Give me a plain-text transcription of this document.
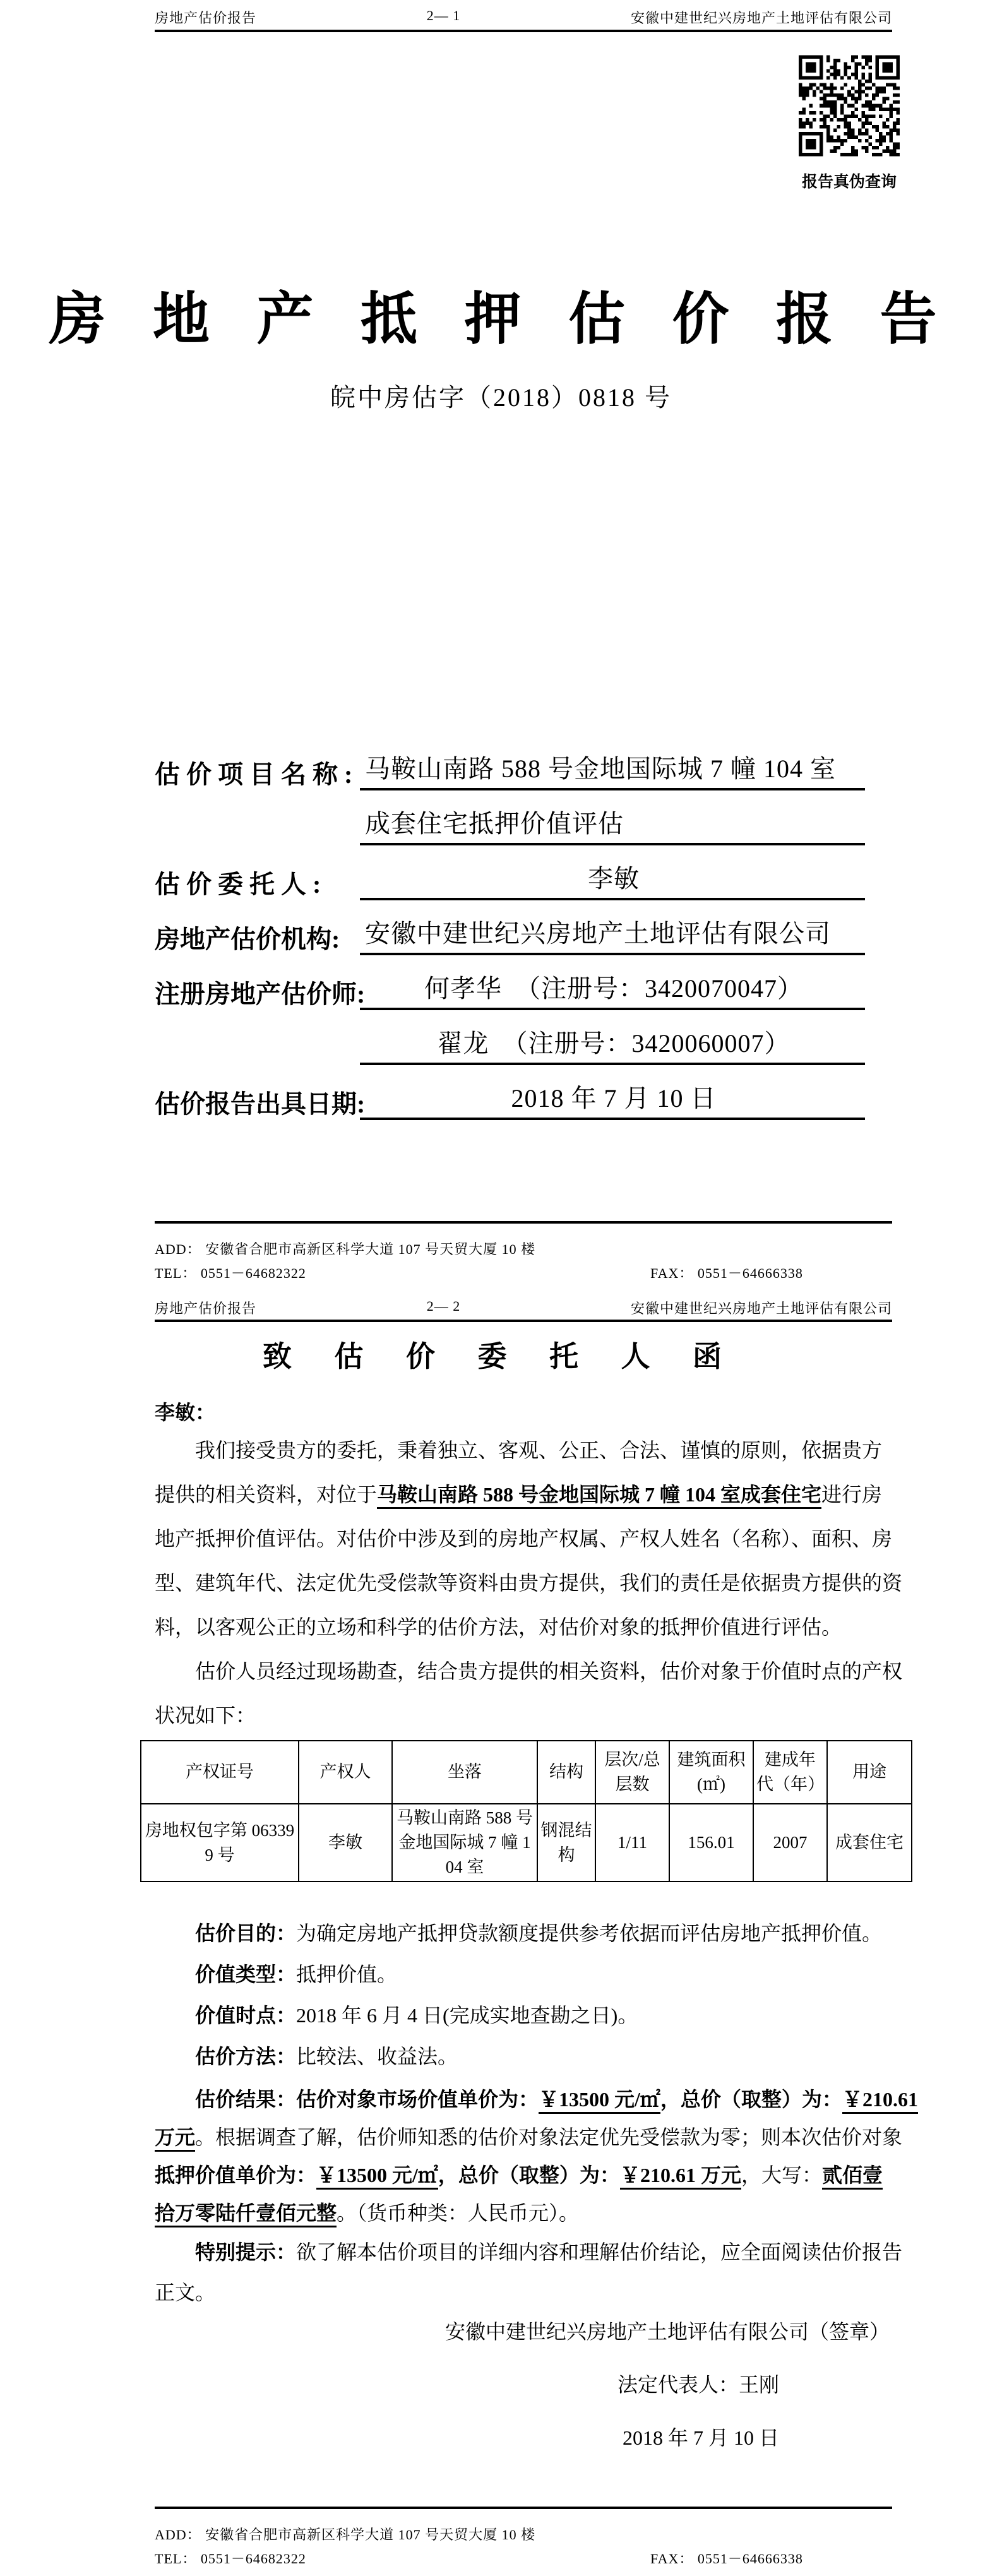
房地产估价报告	2— 1	安徽中建世纪兴房地产土地评估有限公司
报告真伪查询
房 地 产 抵 押 估 价 报 告
皖中房估字（2018）0818 号
估 价 项 目 名 称 : 马鞍山南路 588 号金地国际城 7 幢 104 室
成套住宅抵押价值评估
估 价 委 托 人 :	李敏
房地产估价机构: 安徽中建世纪兴房地产土地评估有限公司
注册房地产估价师:	何孝华　（注册号：3420070047）
翟龙　（注册号：3420060007）
估价报告出具日期:	2018 年 7 月 10 日
ADD： 安徽省合肥市高新区科学大道 107 号天贸大厦 10 楼
TEL： 0551－64682322	FAX： 0551－64666338
房地产估价报告	2— 2	安徽中建世纪兴房地产土地评估有限公司
致 估 价 委 托 人 函
李敏：
我们接受贵方的委托，秉着独立、客观、公正、合法、谨慎的原则，依据贵方
提供的相关资料，对位于马鞍山南路 588 号金地国际城 7 幢 104 室成套住宅进行房
地产抵押价值评估。对估价中涉及到的房地产权属、产权人姓名（名称）、面积、房
型、建筑年代、法定优先受偿款等资料由贵方提供，我们的责任是依据贵方提供的资
料，以客观公正的立场和科学的估价方法，对估价对象的抵押价值进行评估。
估价人员经过现场勘查，结合贵方提供的相关资料，估价对象于价值时点的产权
状况如下：
产权证号	产权人	坐落	结构	层次/总层数	建筑面积(㎡)	建成年代（年）	用途
房地权包字第 063399 号	李敏	马鞍山南路 588 号金地国际城 7 幢 104 室	钢混结构	1/11	156.01	2007	成套住宅
估价目的：为确定房地产抵押贷款额度提供参考依据而评估房地产抵押价值。
价值类型：抵押价值。
价值时点：2018 年 6 月 4 日(完成实地查勘之日)。
估价方法：比较法、收益法。
估价结果：估价对象市场价值单价为：￥13500 元/㎡，总价（取整）为：￥210.61
万元。根据调查了解，估价师知悉的估价对象法定优先受偿款为零；则本次估价对象
抵押价值单价为：￥13500 元/㎡，总价（取整）为：￥210.61 万元，大写：贰佰壹
拾万零陆仟壹佰元整。（货币种类：人民币元）。
特别提示：欲了解本估价项目的详细内容和理解估价结论，应全面阅读估价报告
正文。
安徽中建世纪兴房地产土地评估有限公司（签章）
法定代表人：王刚
2018 年 7 月 10 日
ADD： 安徽省合肥市高新区科学大道 107 号天贸大厦 10 楼
TEL： 0551－64682322	FAX： 0551－64666338
